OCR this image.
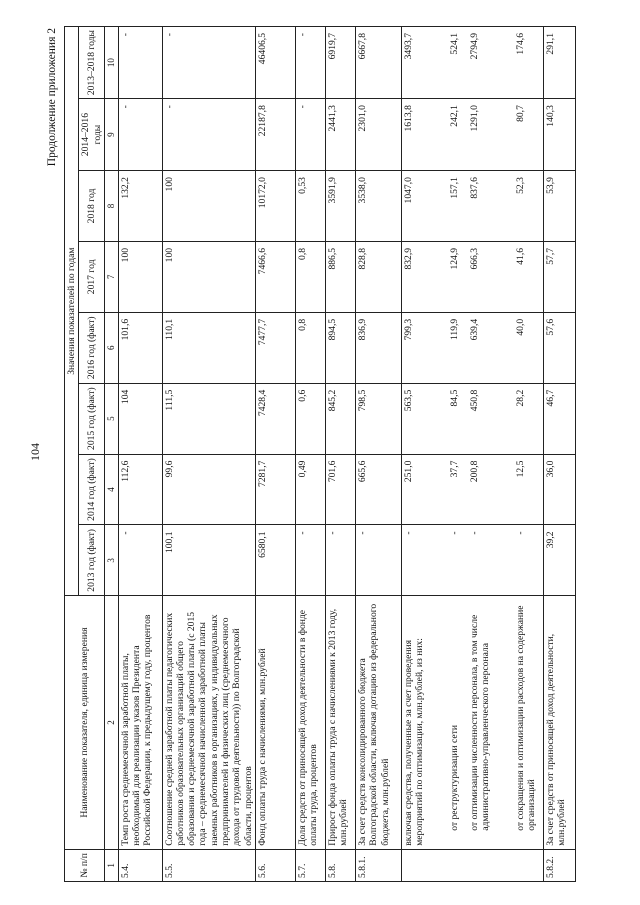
104
Продолжение приложения 2
№ п/п	Наименование показателя, единица измерения	Значения показателей по годам							
		2013 год (факт)	2014 год (факт)	2015 год (факт)	2016 год (факт)	2017 год	2018 год	2014–2016 годы	2013–2018 годы
1	2	3	4	5	6	7	8	9	10
5.4.	Темп роста среднемесячной заработной платы, необходимый для реализации указов Президента Российской Федерации, к предыдущему году, процентов	-	112,6	104	101,6	100	132,2	-	-
5.5.	Соотношение средней заработной платы педагогических работников образовательных организаций общего образования и среднемесячной заработной платы (с 2015 года – среднемесячной начисленной заработной платы наемных работников в организациях, у индивидуальных предпринимателей и физических лиц (среднемесячного дохода от трудовой деятельности)) по Волгоградской области, процентов	100,1	99,6	111,5	110,1	100	100	-	-
5.6.	Фонд оплаты труда с начислениями, млн.рублей	6580,1	7281,7	7428,4	7477,7	7466,6	10172,0	22187,8	46406,5
5.7.	Доля средств от приносящей доход деятельности в фонде оплаты труда, процентов	-	0,49	0,6	0,8	0,8	0,53	-	-
5.8.	Прирост фонда оплаты труда с начислениями к 2013 году, млн.рублей	-	701,6	845,2	894,5	886,5	3591,9	2441,3	6919,7
5.8.1.	За счет средств консолидированного бюджета Волгоградской области, включая дотацию из федерального бюджета, млн.рублей	-	665,6	798,5	836,9	828,8	3538,0	2301,0	6667,8
	включая средства, полученные за счет проведения мероприятий по оптимизации, млн.рублей, из них:	-	251,0	563,5	799,3	832,9	1047,0	1613,8	3493,7
	от реструктуризации сети	-	37,7	84,5	119,9	124,9	157,1	242,1	524,1
	от оптимизации численности персонала, в том числе административно-управленческого персонала	-	200,8	450,8	639,4	666,3	837,6	1291,0	2794,9
	от сокращения и оптимизации расходов на содержание организаций	-	12,5	28,2	40,0	41,6	52,3	80,7	174,6
5.8.2.	За счет средств от приносящей доход деятельности, млн.рублей	39,2	36,0	46,7	57,6	57,7	53,9	140,3	291,1
